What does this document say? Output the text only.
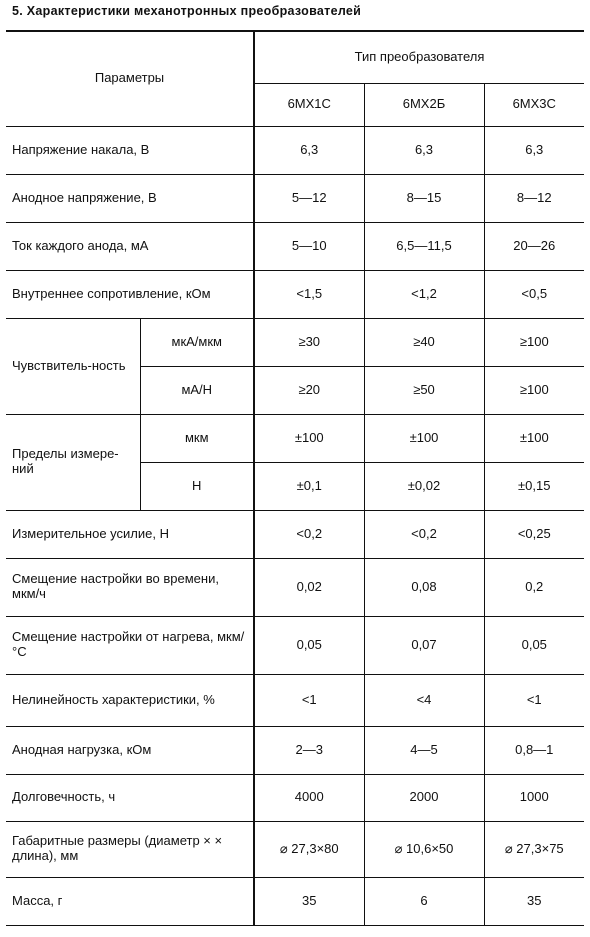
5. Характеристики механотронных преобразователей
Параметры		Тип преобразователя		
		6МХ1С	6МХ2Б	6МХ3С
Напряжение накала, В		6,3	6,3	6,3
Анодное напряжение, В		5—12	8—15	8—12
Ток каждого анода, мА		5—10	6,5—11,5	20—26
Внутреннее сопротивление, кОм		<1,5	<1,2	<0,5
Чувствитель-ность	мкА/мкм	≥30	≥40	≥100
	мА/Н	≥20	≥50	≥100
Пределы измере-ний	мкм	±100	±100	±100
	Н	±0,1	±0,02	±0,15
Измерительное усилие, Н		<0,2	<0,2	<0,25
Смещение настройки во времени, мкм/ч		0,02	0,08	0,2
Смещение настройки от нагрева, мкм/°С		0,05	0,07	0,05
Нелинейность характеристики, %		<1	<4	<1
Анодная нагрузка, кОм		2—3	4—5	0,8—1
Долговечность, ч		4000	2000	1000
Габаритные размеры (диаметр × × длина), мм		⌀ 27,3×80	⌀ 10,6×50	⌀ 27,3×75
Масса, г		35	6	35
